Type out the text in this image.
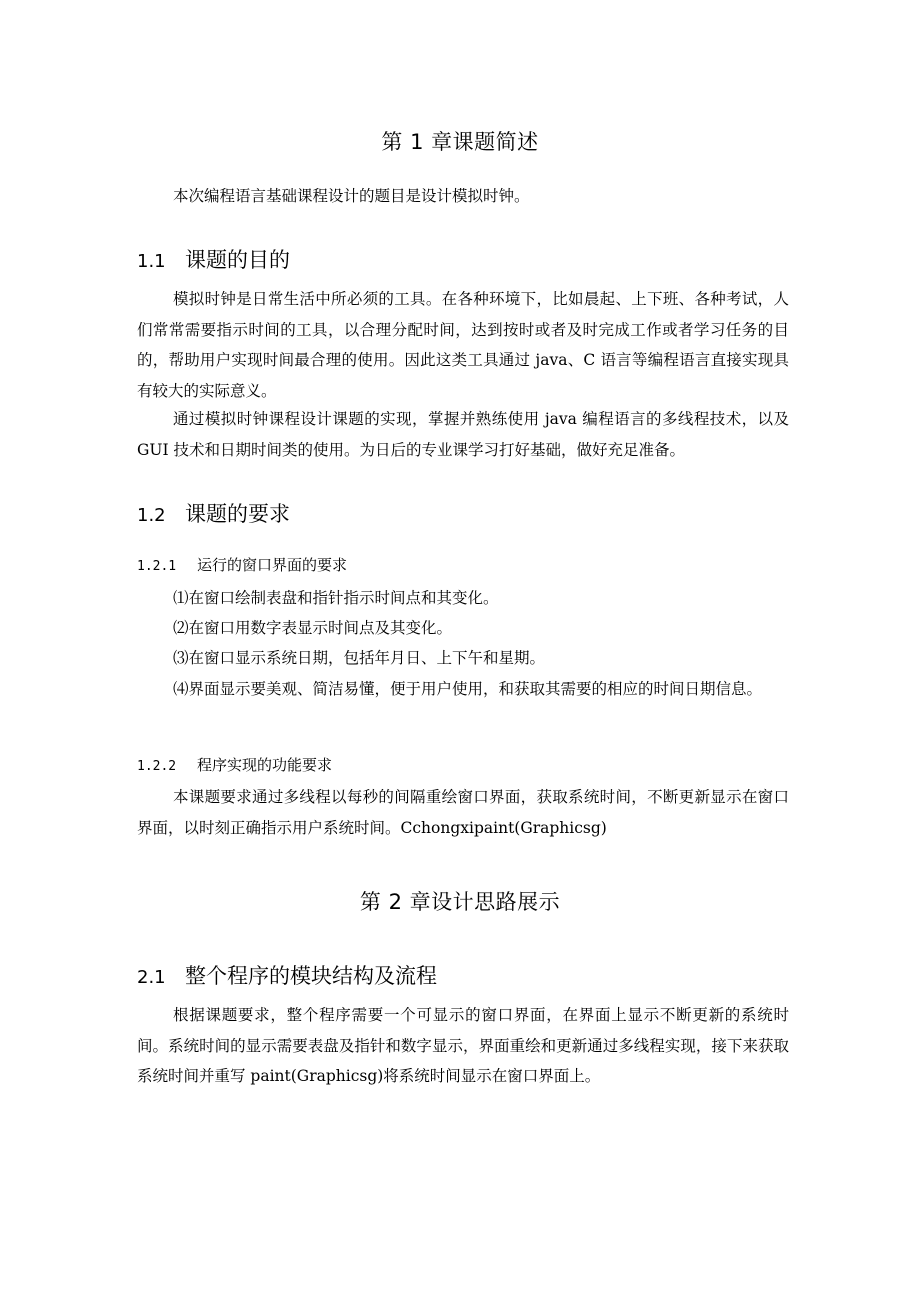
第 1 章课题简述

本次编程语言基础课程设计的题目是设计模拟时钟。

1.1 课题的目的

模拟时钟是日常生活中所必须的工具。在各种环境下，比如晨起、上下班、各种考试，人们常常需要指示时间的工具，以合理分配时间，达到按时或者及时完成工作或者学习任务的目的，帮助用户实现时间最合理的使用。因此这类工具通过 java、C 语言等编程语言直接实现具有较大的实际意义。

通过模拟时钟课程设计课题的实现，掌握并熟练使用 java 编程语言的多线程技术，以及 GUI 技术和日期时间类的使用。为日后的专业课学习打好基础，做好充足准备。

1.2 课题的要求
1.2.1 运行的窗口界面的要求

⑴在窗口绘制表盘和指针指示时间点和其变化。

⑵在窗口用数字表显示时间点及其变化。

⑶在窗口显示系统日期，包括年月日、上下午和星期。

⑷界面显示要美观、简洁易懂，便于用户使用，和获取其需要的相应的时间日期信息。

1.2.2 程序实现的功能要求

本课题要求通过多线程以每秒的间隔重绘窗口界面，获取系统时间，不断更新显示在窗口界面，以时刻正确指示用户系统时间。Cchongxipaint(Graphicsg)

第 2 章设计思路展示
2.1 整个程序的模块结构及流程

根据课题要求，整个程序需要一个可显示的窗口界面，在界面上显示不断更新的系统时间。系统时间的显示需要表盘及指针和数字显示，界面重绘和更新通过多线程实现，接下来获取系统时间并重写 paint(Graphicsg)将系统时间显示在窗口界面上。
